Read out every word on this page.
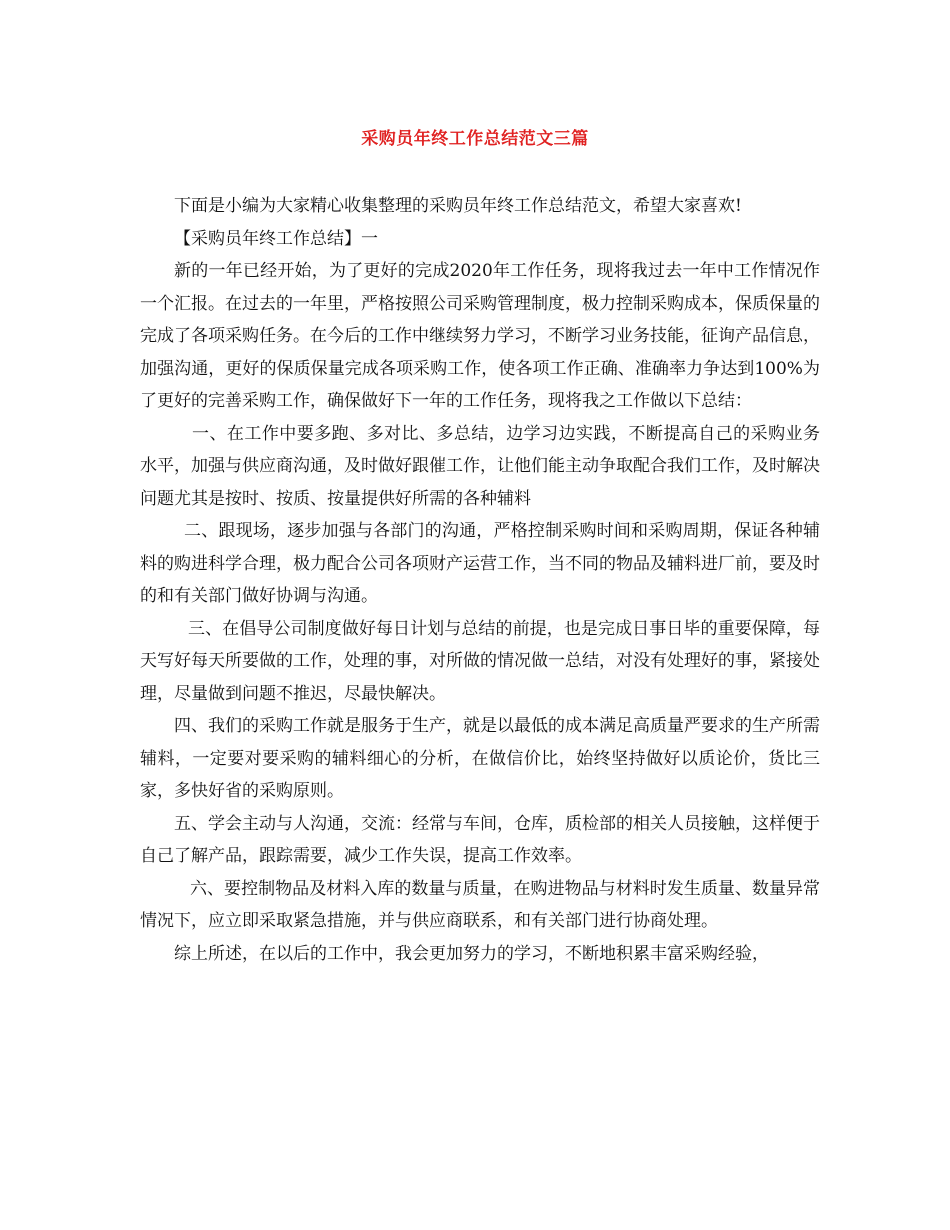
采购员年终工作总结范文三篇

下面是小编为大家精心收集整理的采购员年终工作总结范文，希望大家喜欢!

【采购员年终工作总结】一

新的一年已经开始，为了更好的完成2020年工作任务，现将我过去一年中工作情况作一个汇报。在过去的一年里，严格按照公司采购管理制度，极力控制采购成本，保质保量的完成了各项采购任务。在今后的工作中继续努力学习，不断学习业务技能，征询产品信息，加强沟通，更好的保质保量完成各项采购工作，使各项工作正确、准确率力争达到100%为了更好的完善采购工作，确保做好下一年的工作任务，现将我之工作做以下总结：

一、在工作中要多跑、多对比、多总结，边学习边实践，不断提高自己的采购业务水平，加强与供应商沟通，及时做好跟催工作，让他们能主动争取配合我们工作，及时解决问题尤其是按时、按质、按量提供好所需的各种辅料

二、跟现场，逐步加强与各部门的沟通，严格控制采购时间和采购周期，保证各种辅料的购进科学合理，极力配合公司各项财产运营工作，当不同的物品及辅料进厂前，要及时的和有关部门做好协调与沟通。

三、在倡导公司制度做好每日计划与总结的前提，也是完成日事日毕的重要保障，每天写好每天所要做的工作，处理的事，对所做的情况做一总结，对没有处理好的事，紧接处理，尽量做到问题不推迟，尽最快解决。

四、我们的采购工作就是服务于生产，就是以最低的成本满足高质量严要求的生产所需辅料，一定要对要采购的辅料细心的分析，在做信价比，始终坚持做好以质论价，货比三家，多快好省的采购原则。

五、学会主动与人沟通，交流：经常与车间，仓库，质检部的相关人员接触，这样便于自己了解产品，跟踪需要，减少工作失误，提高工作效率。

六、要控制物品及材料入库的数量与质量，在购进物品与材料时发生质量、数量异常情况下，应立即采取紧急措施，并与供应商联系，和有关部门进行协商处理。

综上所述，在以后的工作中，我会更加努力的学习，不断地积累丰富采购经验，
